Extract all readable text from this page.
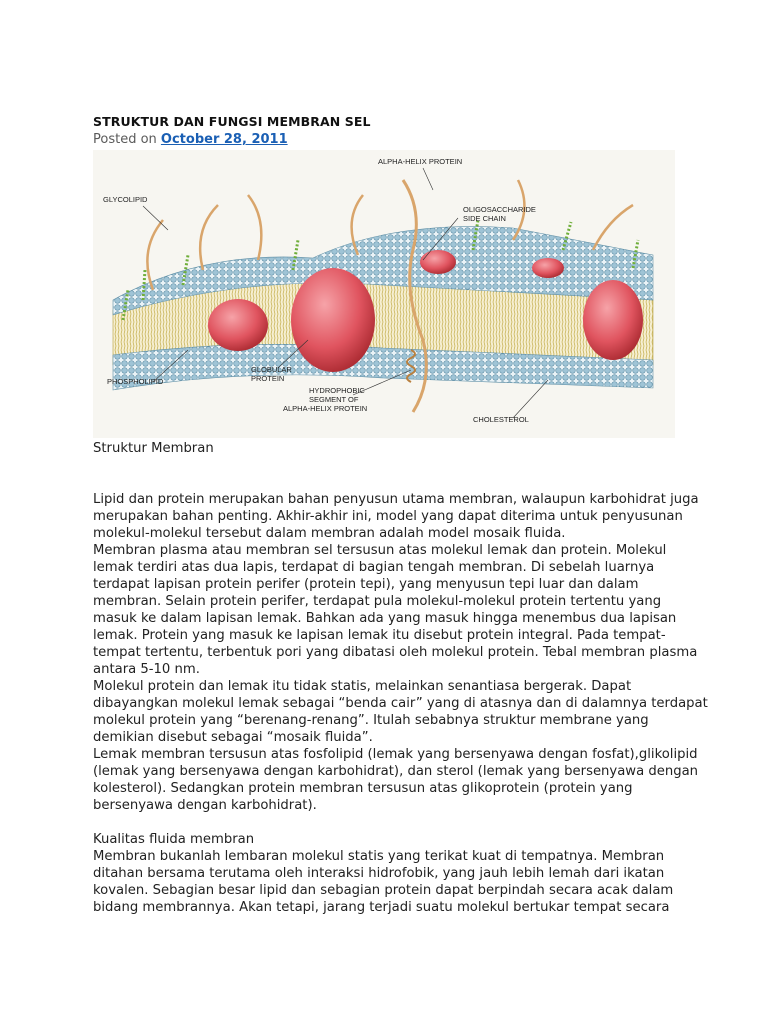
STRUKTUR DAN FUNGSI MEMBRAN SEL
Posted on October 28, 2011
GLYCOLIPID
ALPHA-HELIX PROTEIN
OLIGOSACCHARIDE
SIDE CHAIN
PHOSPHOLIPID
GLOBULAR
PROTEIN
HYDROPHOBIC
SEGMENT OF
ALPHA-HELIX PROTEIN
CHOLESTEROL

Struktur Membran

Lipid dan protein merupakan bahan penyusun utama membran, walaupun karbohidrat juga

merupakan bahan penting. Akhir-akhir ini, model yang dapat diterima untuk penyusunan

molekul-molekul tersebut dalam membran adalah model mosaik fluida.

Membran plasma atau membran sel tersusun atas molekul lemak dan protein. Molekul

lemak terdiri atas dua lapis, terdapat di bagian tengah membran. Di sebelah luarnya

terdapat lapisan protein perifer (protein tepi), yang menyusun tepi luar dan dalam

membran. Selain protein perifer, terdapat pula molekul-molekul protein tertentu yang

masuk ke dalam lapisan lemak. Bahkan ada yang masuk hingga menembus dua lapisan

lemak. Protein yang masuk ke lapisan lemak itu disebut protein integral. Pada tempat-

tempat tertentu, terbentuk pori yang dibatasi oleh molekul protein. Tebal membran plasma

antara 5-10 nm.

Molekul protein dan lemak itu tidak statis, melainkan senantiasa bergerak. Dapat

dibayangkan molekul lemak sebagai “benda cair” yang di atasnya dan di dalamnya terdapat

molekul protein yang “berenang-renang”. Itulah sebabnya struktur membrane yang

demikian disebut sebagai “mosaik fluida”.

Lemak membran tersusun atas fosfolipid (lemak yang bersenyawa dengan fosfat),glikolipid

(lemak yang bersenyawa dengan karbohidrat), dan sterol (lemak yang bersenyawa dengan

kolesterol). Sedangkan protein membran tersusun atas glikoprotein (protein yang

bersenyawa dengan karbohidrat).

Kualitas fluida membran

Membran bukanlah lembaran molekul statis yang terikat kuat di tempatnya. Membran

ditahan bersama terutama oleh interaksi hidrofobik, yang jauh lebih lemah dari ikatan

kovalen. Sebagian besar lipid dan sebagian protein dapat berpindah secara acak dalam

bidang membrannya. Akan tetapi, jarang terjadi suatu molekul bertukar tempat secara
